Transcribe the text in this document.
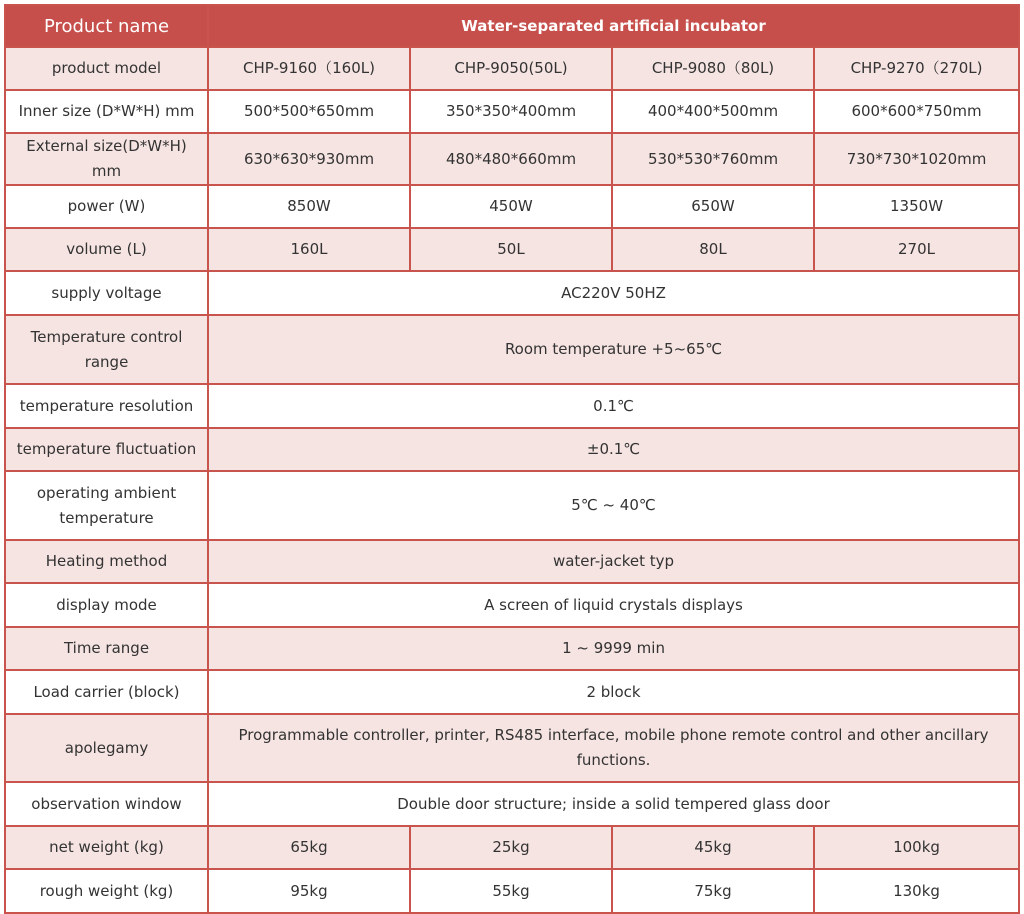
Product name	Water-separated artificial incubator			
product model	CHP-9160（160L)	CHP-9050(50L)	CHP-9080（80L)	CHP-9270（270L)
Inner size (D*W*H) mm	500*500*650mm	350*350*400mm	400*400*500mm	600*600*750mm
External size(D*W*H) mm	630*630*930mm	480*480*660mm	530*530*760mm	730*730*1020mm
power (W)	850W	450W	650W	1350W
volume (L)	160L	50L	80L	270L
supply voltage	AC220V 50HZ			
Temperature control range	Room temperature +5~65℃			
temperature resolution	0.1℃			
temperature fluctuation	±0.1℃			
operating ambient temperature	5℃ ~ 40℃			
Heating method	water-jacket typ			
display mode	A screen of liquid crystals displays			
Time range	1 ~ 9999 min			
Load carrier (block)	2 block			
apolegamy	Programmable controller, printer, RS485 interface, mobile phone remote control and other ancillary functions.			
observation window	Double door structure; inside a solid tempered glass door			
net weight (kg)	65kg	25kg	45kg	100kg
rough weight (kg)	95kg	55kg	75kg	130kg
